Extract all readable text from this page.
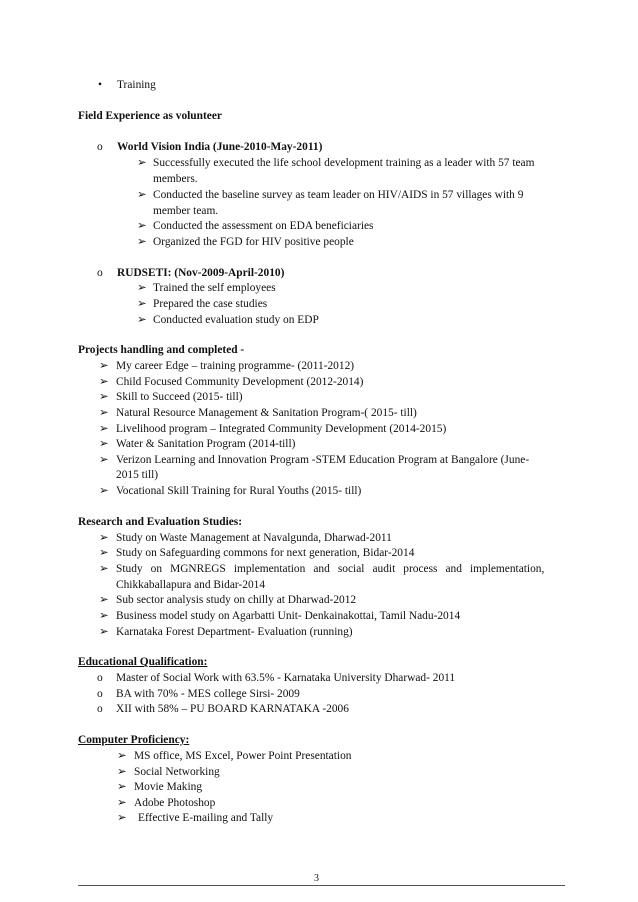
• Training
Field Experience as volunteer
o World Vision India (June-2010-May-2011)
➢ Successfully executed the life school development training as a leader with 57 team
members.
➢ Conducted the baseline survey as team leader on HIV/AIDS in 57 villages with 9
member team.
➢ Conducted the assessment on EDA beneficiaries
➢ Organized the FGD for HIV positive people
o RUDSETI: (Nov-2009-April-2010)
➢ Trained the self employees
➢ Prepared the case studies
➢ Conducted evaluation study on EDP
Projects handling and completed -
➢ My career Edge – training programme- (2011-2012)
➢ Child Focused Community Development (2012-2014)
➢ Skill to Succeed (2015- till)
➢ Natural Resource Management & Sanitation Program-( 2015- till)
➢ Livelihood program – Integrated Community Development (2014-2015)
➢ Water & Sanitation Program (2014-till)
➢ Verizon Learning and Innovation Program -STEM Education Program at Bangalore (June-
2015 till)
➢ Vocational Skill Training for Rural Youths (2015- till)
Research and Evaluation Studies:
➢ Study on Waste Management at Navalgunda, Dharwad-2011
➢ Study on Safeguarding commons for next generation, Bidar-2014
➢ Study on MGNREGS implementation and social audit process and implementation,
Chikkaballapura and Bidar-2014
➢ Sub sector analysis study on chilly at Dharwad-2012
➢ Business model study on Agarbatti Unit- Denkainakottai, Tamil Nadu-2014
➢ Karnataka Forest Department- Evaluation (running)
Educational Qualification:
o Master of Social Work with 63.5% - Karnataka University Dharwad- 2011
o BA with 70% - MES college Sirsi- 2009
o XII with 58% – PU BOARD KARNATAKA -2006
Computer Proficiency:
➢ MS office, MS Excel, Power Point Presentation
➢ Social Networking
➢ Movie Making
➢ Adobe Photoshop
➢ Effective E-mailing and Tally
3
